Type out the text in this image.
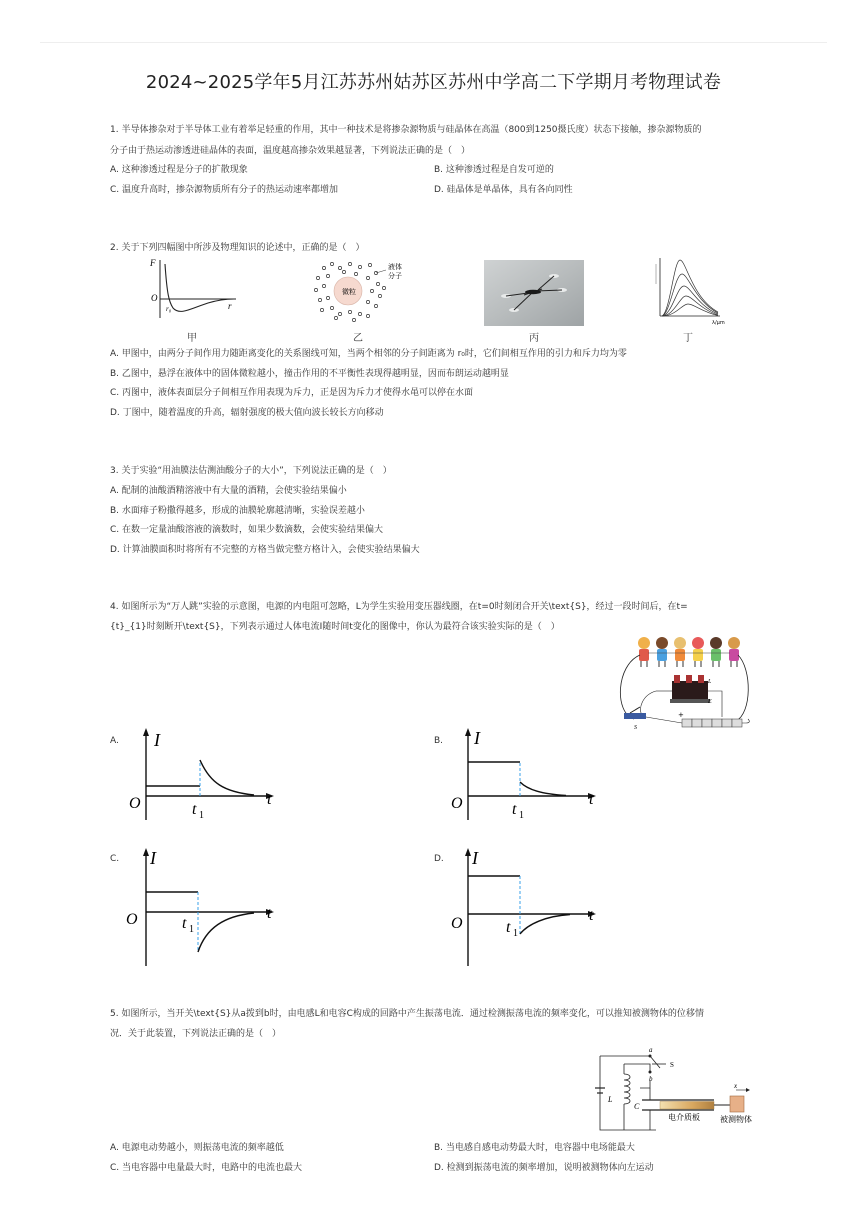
2024~2025学年5月江苏苏州姑苏区苏州中学高二下学期月考物理试卷
1. 半导体掺杂对于半导体工业有着举足轻重的作用，其中一种技术是将掺杂源物质与硅晶体在高温（800到1250摄氏度）状态下接触，掺杂源物质的
分子由于热运动渗透进硅晶体的表面，温度越高掺杂效果越显著，下列说法正确的是（　）
A. 这种渗透过程是分子的扩散现象	B. 这种渗透过程是自发可逆的
C. 温度升高时，掺杂源物质所有分子的热运动速率都增加	D. 硅晶体是单晶体，具有各向同性
2. 关于下列四幅图中所涉及物理知识的论述中，正确的是（　）
F
O
r₀	r
甲
液体
分子
微粒
乙	丙
λ/μm
丁
A. 甲图中，由两分子间作用力随距离变化的关系图线可知，当两个相邻的分子间距离为 r₀时，它们间相互作用的引力和斥力均为零
B. 乙图中，悬浮在液体中的固体微粒越小，撞击作用的不平衡性表现得越明显，因而布朗运动越明显
C. 丙图中，液体表面层分子间相互作用表现为斥力，正是因为斥力才使得水黾可以停在水面
D. 丁图中，随着温度的升高，辐射强度的极大值向波长较长方向移动
3. 关于实验“用油膜法估测油酸分子的大小”，下列说法正确的是（　）
A. 配制的油酸酒精溶液中有大量的酒精，会使实验结果偏小
B. 水面痱子粉撒得越多，形成的油膜轮廓越清晰，实验误差越小
C. 在数一定量油酸溶液的滴数时，如果少数滴数，会使实验结果偏大
D. 计算油膜面积时将所有不完整的方格当做完整方格计入，会使实验结果偏大
4. 如图所示为“万人跳”实验的示意图，电源的内电阻可忽略，L为学生实验用变压器线圈，在t=0时刻闭合开关\text{S}，经过一段时间后，在t=
{t}_{1}时刻断开\text{S}，下列表示通过人体电流I随时间t变化的图像中，你认为最符合该实验实际的是（　）
L
E
S
+
A. I
O	t
t 1
B. I
O	t
t 1
C. I
O	t
t 1
D. I
O	t
t 1
5. 如图所示，当开关\text{S}从a拨到b时，由电感L和电容C构成的回路中产生振荡电流．通过检测振荡电流的频率变化，可以推知被测物体的位移情
况．关于此装置，下列说法正确的是（　）
a
b
S
L
C
x
电介质板	被测物体
A. 电源电动势越小，则振荡电流的频率越低	B. 当电感自感电动势最大时，电容器中电场能最大
C. 当电容器中电量最大时，电路中的电流也最大	D. 检测到振荡电流的频率增加，说明被测物体向左运动
